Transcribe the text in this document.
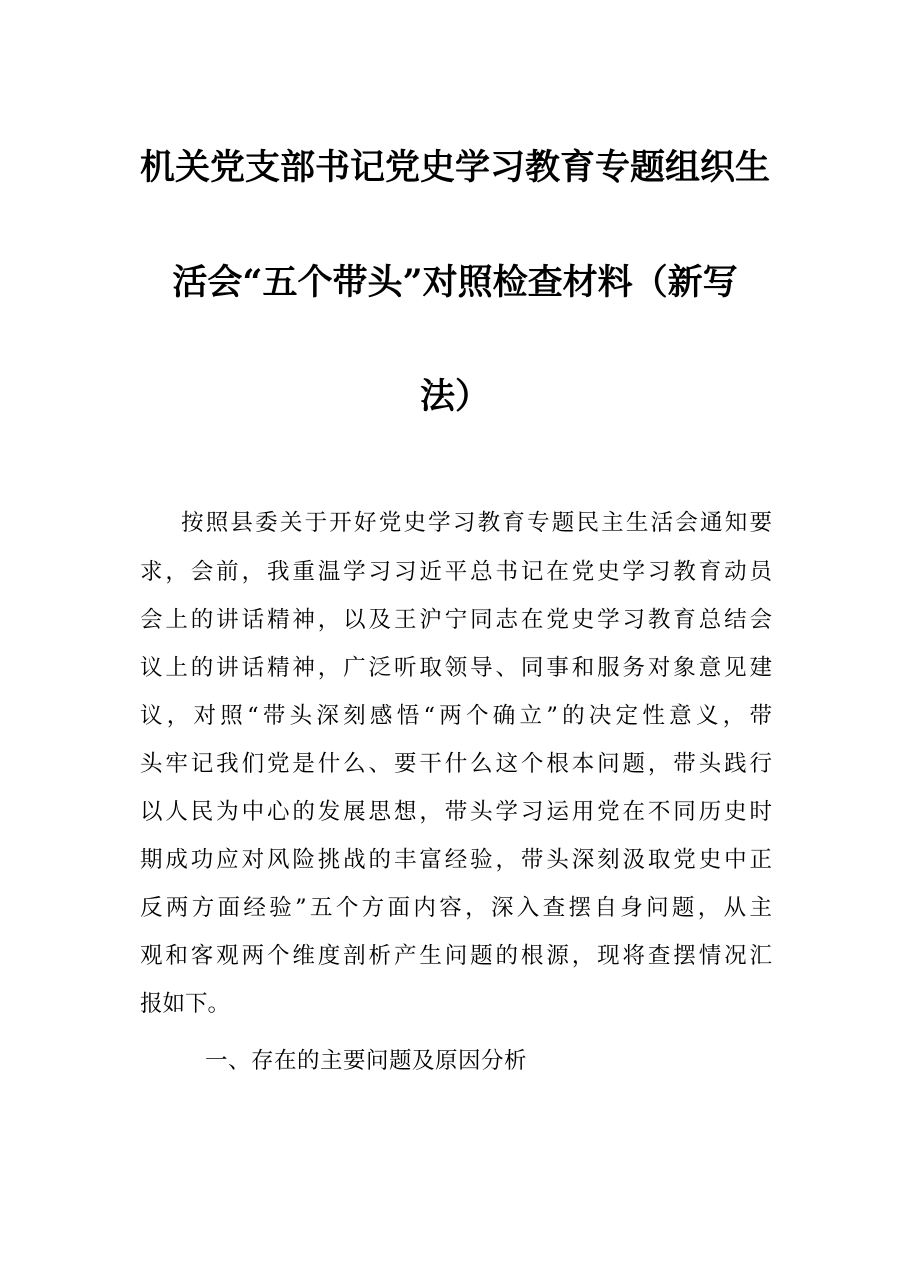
机关党支部书记党史学习教育专题组织生
活会“五个带头”对照检查材料（新写
法）
按照县委关于开好党史学习教育专题民主生活会通知要
求，会前，我重温学习习近平总书记在党史学习教育动员
会上的讲话精神，以及王沪宁同志在党史学习教育总结会
议上的讲话精神，广泛听取领导、同事和服务对象意见建
议，对照“带头深刻感悟“两个确立”的决定性意义，带
头牢记我们党是什么、要干什么这个根本问题，带头践行
以人民为中心的发展思想，带头学习运用党在不同历史时
期成功应对风险挑战的丰富经验，带头深刻汲取党史中正
反两方面经验”五个方面内容，深入查摆自身问题，从主
观和客观两个维度剖析产生问题的根源，现将查摆情况汇
报如下。
一、存在的主要问题及原因分析
